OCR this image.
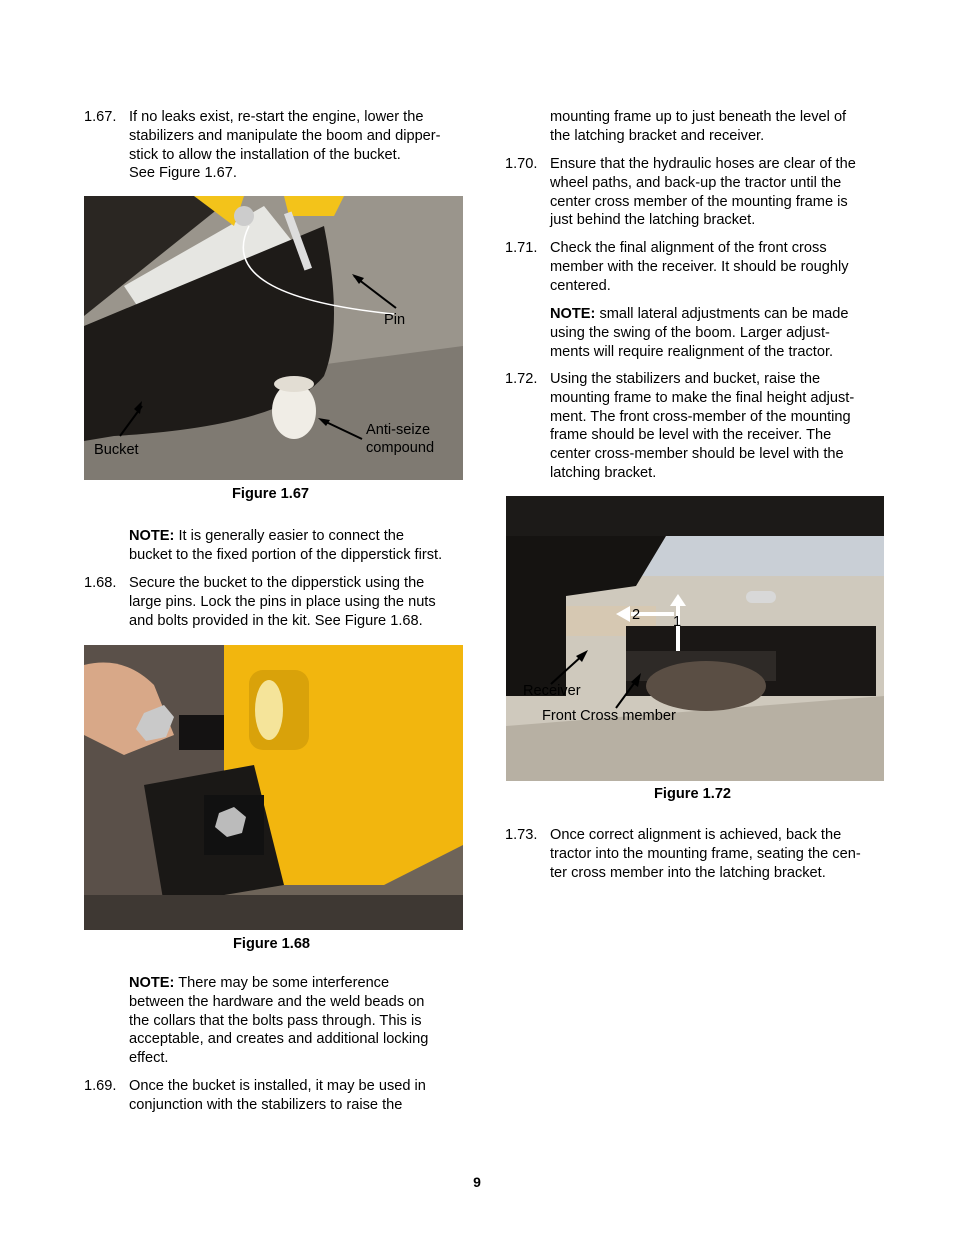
1.67. If no leaks exist, re-start the engine, lower the
stabilizers and manipulate the boom and dipper-
stick to allow the installation of the bucket.
See Figure 1.67.
Pin
Anti-seize
compound
Bucket
Figure 1.67
NOTE: It is generally easier to connect the
bucket to the fixed portion of the dipperstick first.
1.68. Secure the bucket to the dipperstick using the
large pins. Lock the pins in place using the nuts
and bolts provided in the kit. See Figure 1.68.
Figure 1.68
NOTE: There may be some interference
between the hardware and the weld beads on
the collars that the bolts pass through. This is
acceptable, and creates and additional locking
effect.
1.69. Once the bucket is installed, it may be used in
conjunction with the stabilizers to raise the
mounting frame up to just beneath the level of
the latching bracket and receiver.
1.70. Ensure that the hydraulic hoses are clear of the
wheel paths, and back-up the tractor until the
center cross member of the mounting frame is
just behind the latching bracket.
1.71. Check the final alignment of the front cross
member with the receiver. It should be roughly
centered.
NOTE: small lateral adjustments can be made
using the swing of the boom. Larger adjust-
ments will require realignment of the tractor.
1.72. Using the stabilizers and bucket, raise the
mounting frame to make the final height adjust-
ment. The front cross-member of the mounting
frame should be level with the receiver. The
center cross-member should be level with the
latching bracket.
2 1
Receiver
Front Cross member
Figure 1.72
1.73. Once correct alignment is achieved, back the
tractor into the mounting frame, seating the cen-
ter cross member into the latching bracket.
9
